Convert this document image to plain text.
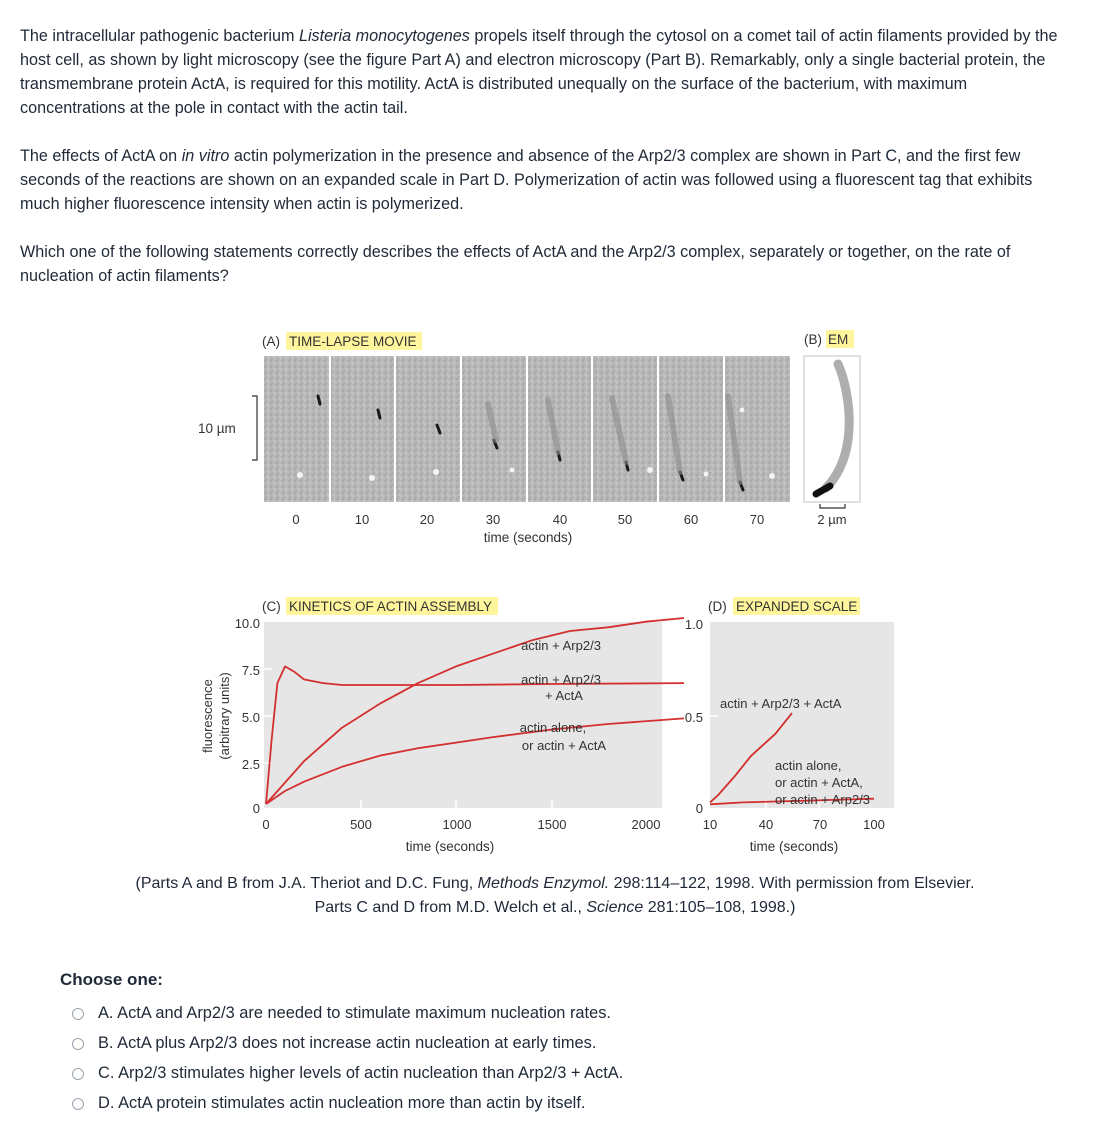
The intracellular pathogenic bacterium Listeria monocytogenes propels itself through the cytosol on a comet tail of actin filaments provided by the host cell, as shown by light microscopy (see the figure Part A) and electron microscopy (Part B). Remarkably, only a single bacterial protein, the transmembrane protein ActA, is required for this motility. ActA is distributed unequally on the surface of the bacterium, with maximum concentrations at the pole in contact with the actin tail.

The effects of ActA on in vitro actin polymerization in the presence and absence of the Arp2/3 complex are shown in Part C, and the first few seconds of the reactions are shown on an expanded scale in Part D. Polymerization of actin was followed using a fluorescent tag that exhibits much higher fluorescence intensity when actin is polymerized.

Which one of the following statements correctly describes the effects of ActA and the Arp2/3 complex, separately or together, on the rate of nucleation of actin filaments?

(A) TIME-LAPSE MOVIE
10 µm
0	10	20	30	40	50	60	70
time (seconds)
(B) EM
2 µm
(C) KINETICS OF ACTIN ASSEMBLY
10.0
7.5
5.0
2.5
0
0	500	1000	1500	2000
time (seconds)
fluorescence (arbitrary units)
actin + Arp2/3
actin + Arp2/3
+ ActA
actin alone,
or actin + ActA
(D) EXPANDED SCALE
1.0
0.5
0
10	40	70	100
time (seconds)
actin + Arp2/3 + ActA
actin alone,
or actin + ActA,
or actin + Arp2/3
(Parts A and B from J.A. Theriot and D.C. Fung, Methods Enzymol. 298:114–122, 1998. With permission from Elsevier.
Parts C and D from M.D. Welch et al., Science 281:105–108, 1998.)
Choose one:
A. ActA and Arp2/3 are needed to stimulate maximum nucleation rates.
B. ActA plus Arp2/3 does not increase actin nucleation at early times.
C. Arp2/3 stimulates higher levels of actin nucleation than Arp2/3 + ActA.
D. ActA protein stimulates actin nucleation more than actin by itself.
